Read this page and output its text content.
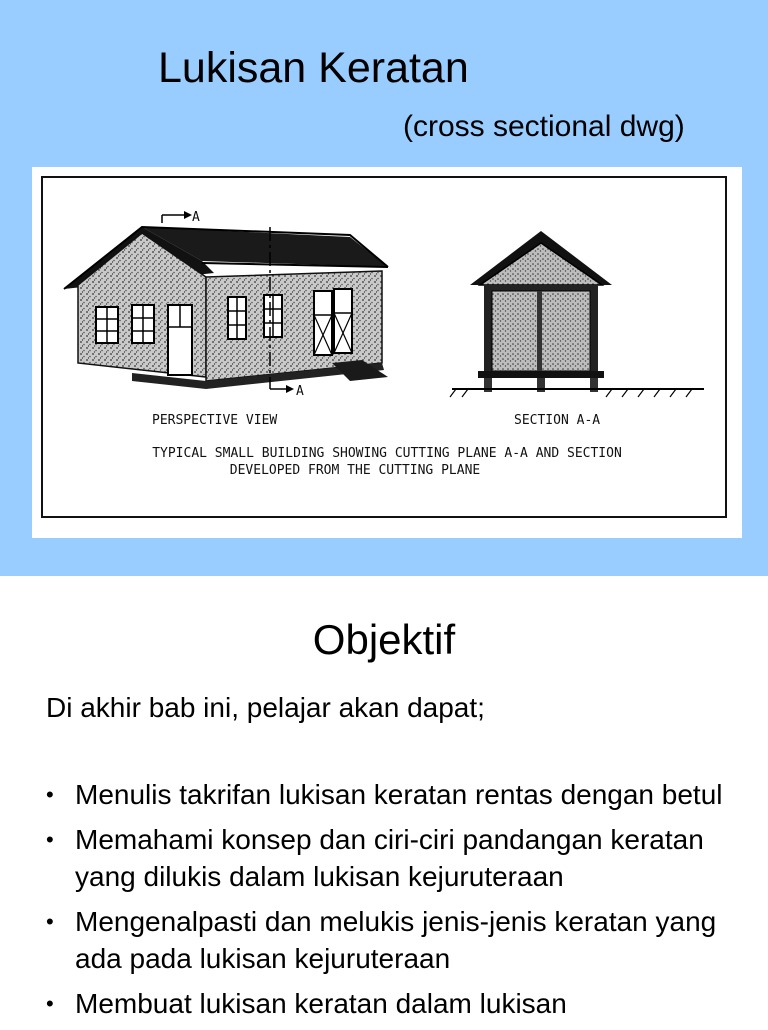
Lukisan Keratan
(cross sectional dwg)
A
A
PERSPECTIVE VIEW	SECTION A-A
TYPICAL SMALL BUILDING SHOWING CUTTING PLANE A-A AND SECTION
DEVELOPED FROM THE CUTTING PLANE
Objektif
Di akhir bab ini, pelajar akan dapat;
• Menulis takrifan lukisan keratan rentas dengan betul
• Memahami konsep dan ciri-ciri pandangan keratan yang dilukis dalam lukisan kejuruteraan
• Mengenalpasti dan melukis jenis-jenis keratan yang ada pada lukisan kejuruteraan
• Membuat lukisan keratan dalam lukisan
